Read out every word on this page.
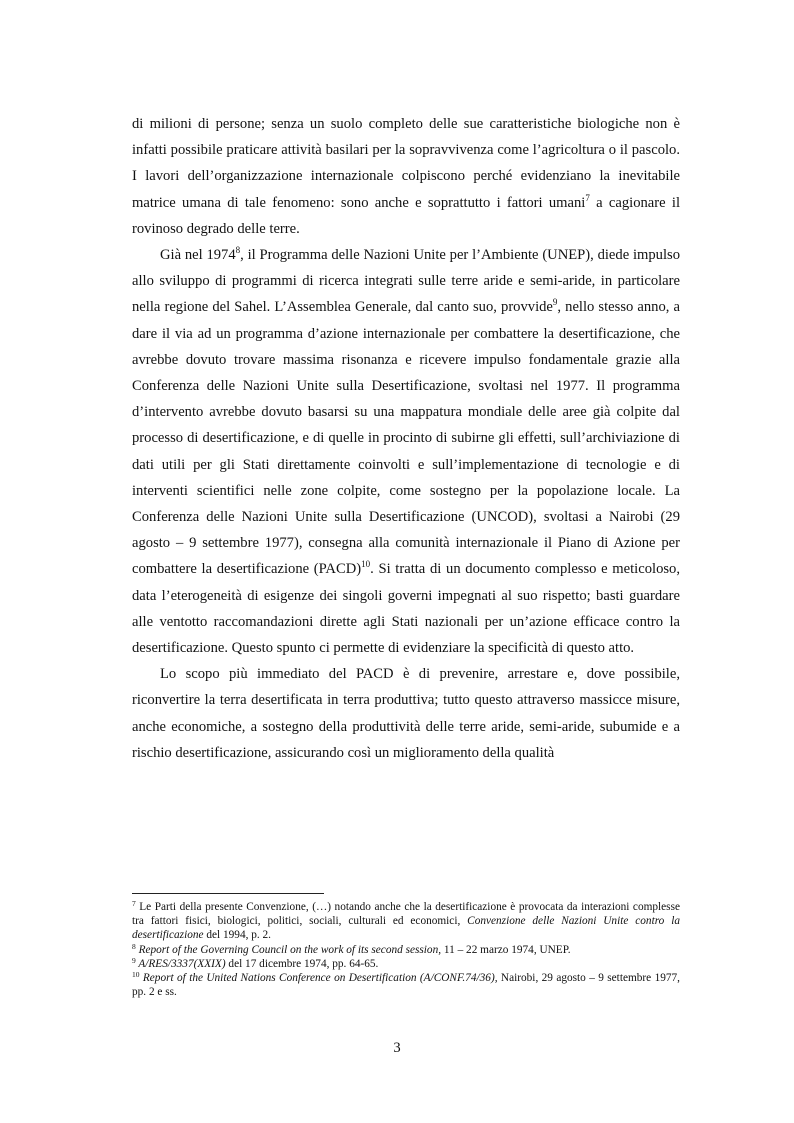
di milioni di persone; senza un suolo completo delle sue caratteristiche biologiche non è infatti possibile praticare attività basilari per la sopravvivenza come l’agricoltura o il pascolo. I lavori dell’organizzazione internazionale colpiscono perché evidenziano la inevitabile matrice umana di tale fenomeno: sono anche e soprattutto i fattori umani$^7$ a cagionare il rovinoso degrado delle terre.

Già nel 1974$^8$, il Programma delle Nazioni Unite per l’Ambiente (UNEP), diede impulso allo sviluppo di programmi di ricerca integrati sulle terre aride e semi-aride, in particolare nella regione del Sahel. L’Assemblea Generale, dal canto suo, provvide$^9$, nello stesso anno, a dare il via ad un programma d’azione internazionale per combattere la desertificazione, che avrebbe dovuto trovare massima risonanza e ricevere impulso fondamentale grazie alla Conferenza delle Nazioni Unite sulla Desertificazione, svoltasi nel 1977. Il programma d’intervento avrebbe dovuto basarsi su una mappatura mondiale delle aree già colpite dal processo di desertificazione, e di quelle in procinto di subirne gli effetti, sull’archiviazione di dati utili per gli Stati direttamente coinvolti e sull’implementazione di tecnologie e di interventi scientifici nelle zone colpite, come sostegno per la popolazione locale. La Conferenza delle Nazioni Unite sulla Desertificazione (UNCOD), svoltasi a Nairobi (29 agosto – 9 settembre 1977), consegna alla comunità internazionale il Piano di Azione per combattere la desertificazione (PACD)$^{10}$. Si tratta di un documento complesso e meticoloso, data l’eterogeneità di esigenze dei singoli governi impegnati al suo rispetto; basti guardare alle ventotto raccomandazioni dirette agli Stati nazionali per un’azione efficace contro la desertificazione. Questo spunto ci permette di evidenziare la specificità di questo atto.

Lo scopo più immediato del PACD è di prevenire, arrestare e, dove possibile, riconvertire la terra desertificata in terra produttiva; tutto questo attraverso massicce misure, anche economiche, a sostegno della produttività delle terre aride, semi-aride, subumide e a rischio desertificazione, assicurando così un miglioramento della qualità

$^7$ Le Parti della presente Convenzione, (…) notando anche che la desertificazione è provocata da interazioni complesse tra fattori fisici, biologici, politici, sociali, culturali ed economici, Convenzione delle Nazioni Unite contro la desertificazione del 1994, p. 2.

$^8$ Report of the Governing Council on the work of its second session, 11 – 22 marzo 1974, UNEP.

$^9$ A/RES/3337(XXIX) del 17 dicembre 1974, pp. 64-65.

$^{10}$ Report of the United Nations Conference on Desertification (A/CONF.74/36), Nairobi, 29 agosto – 9 settembre 1977, pp. 2 e ss.

3
